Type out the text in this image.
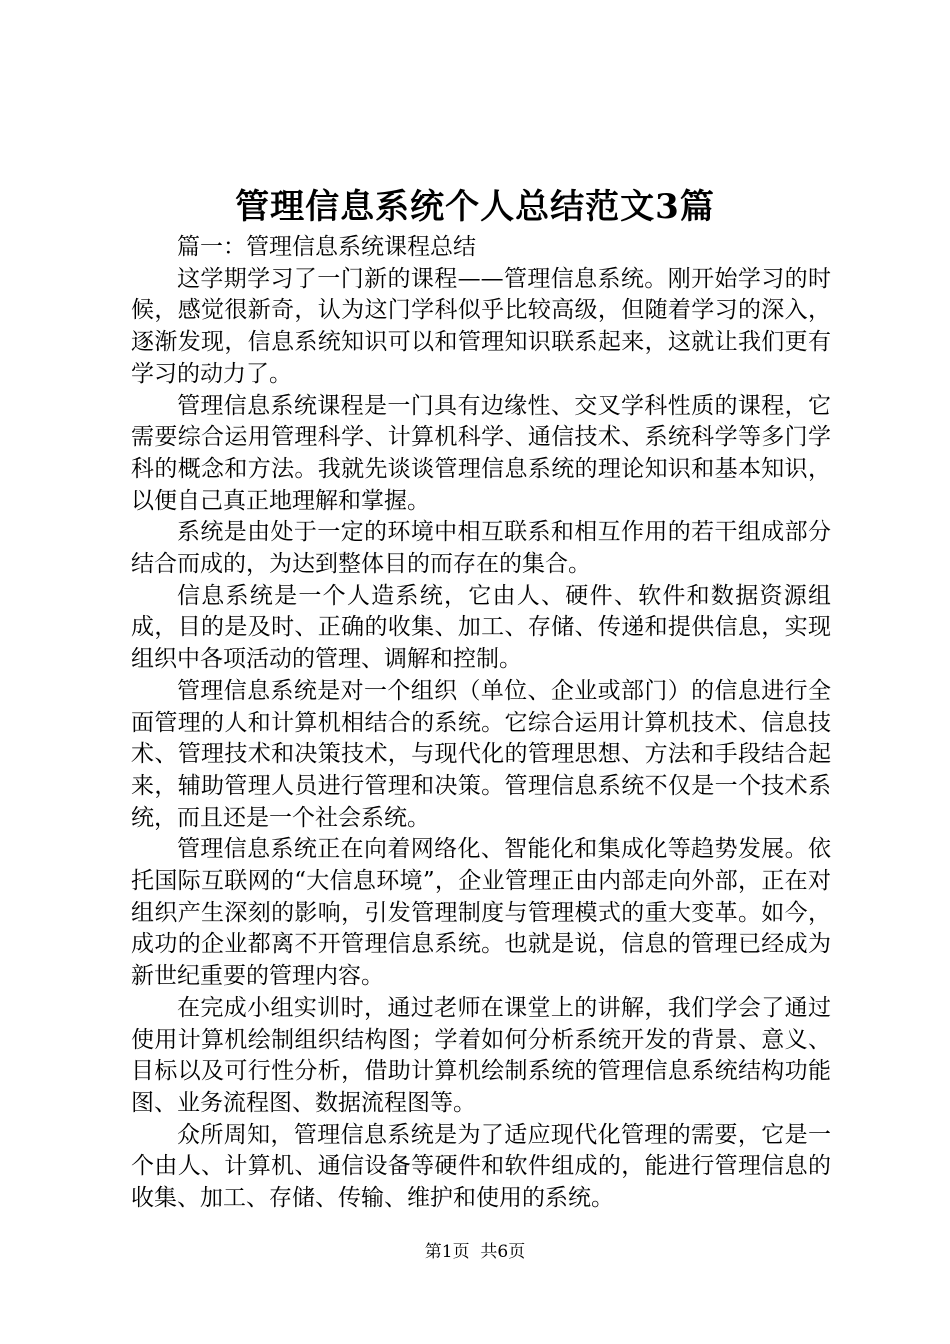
管理信息系统个人总结范文3篇

篇一：管理信息系统课程总结

这学期学习了一门新的课程——管理信息系统。刚开始学习的时候，感觉很新奇，认为这门学科似乎比较高级，但随着学习的深入，逐渐发现，信息系统知识可以和管理知识联系起来，这就让我们更有学习的动力了。

管理信息系统课程是一门具有边缘性、交叉学科性质的课程，它需要综合运用管理科学、计算机科学、通信技术、系统科学等多门学科的概念和方法。我就先谈谈管理信息系统的理论知识和基本知识，以便自己真正地理解和掌握。

系统是由处于一定的环境中相互联系和相互作用的若干组成部分结合而成的，为达到整体目的而存在的集合。

信息系统是一个人造系统，它由人、硬件、软件和数据资源组成，目的是及时、正确的收集、加工、存储、传递和提供信息，实现组织中各项活动的管理、调解和控制。

管理信息系统是对一个组织（单位、企业或部门）的信息进行全面管理的人和计算机相结合的系统。它综合运用计算机技术、信息技术、管理技术和决策技术，与现代化的管理思想、方法和手段结合起来，辅助管理人员进行管理和决策。管理信息系统不仅是一个技术系统，而且还是一个社会系统。

管理信息系统正在向着网络化、智能化和集成化等趋势发展。依托国际互联网的“大信息环境”，企业管理正由内部走向外部，正在对组织产生深刻的影响，引发管理制度与管理模式的重大变革。如今，成功的企业都离不开管理信息系统。也就是说，信息的管理已经成为新世纪重要的管理内容。

在完成小组实训时，通过老师在课堂上的讲解，我们学会了通过使用计算机绘制组织结构图；学着如何分析系统开发的背景、意义、目标以及可行性分析，借助计算机绘制系统的管理信息系统结构功能图、业务流程图、数据流程图等。

众所周知，管理信息系统是为了适应现代化管理的需要，它是一个由人、计算机、通信设备等硬件和软件组成的，能进行管理信息的收集、加工、存储、传输、维护和使用的系统。

第1页 共6页
